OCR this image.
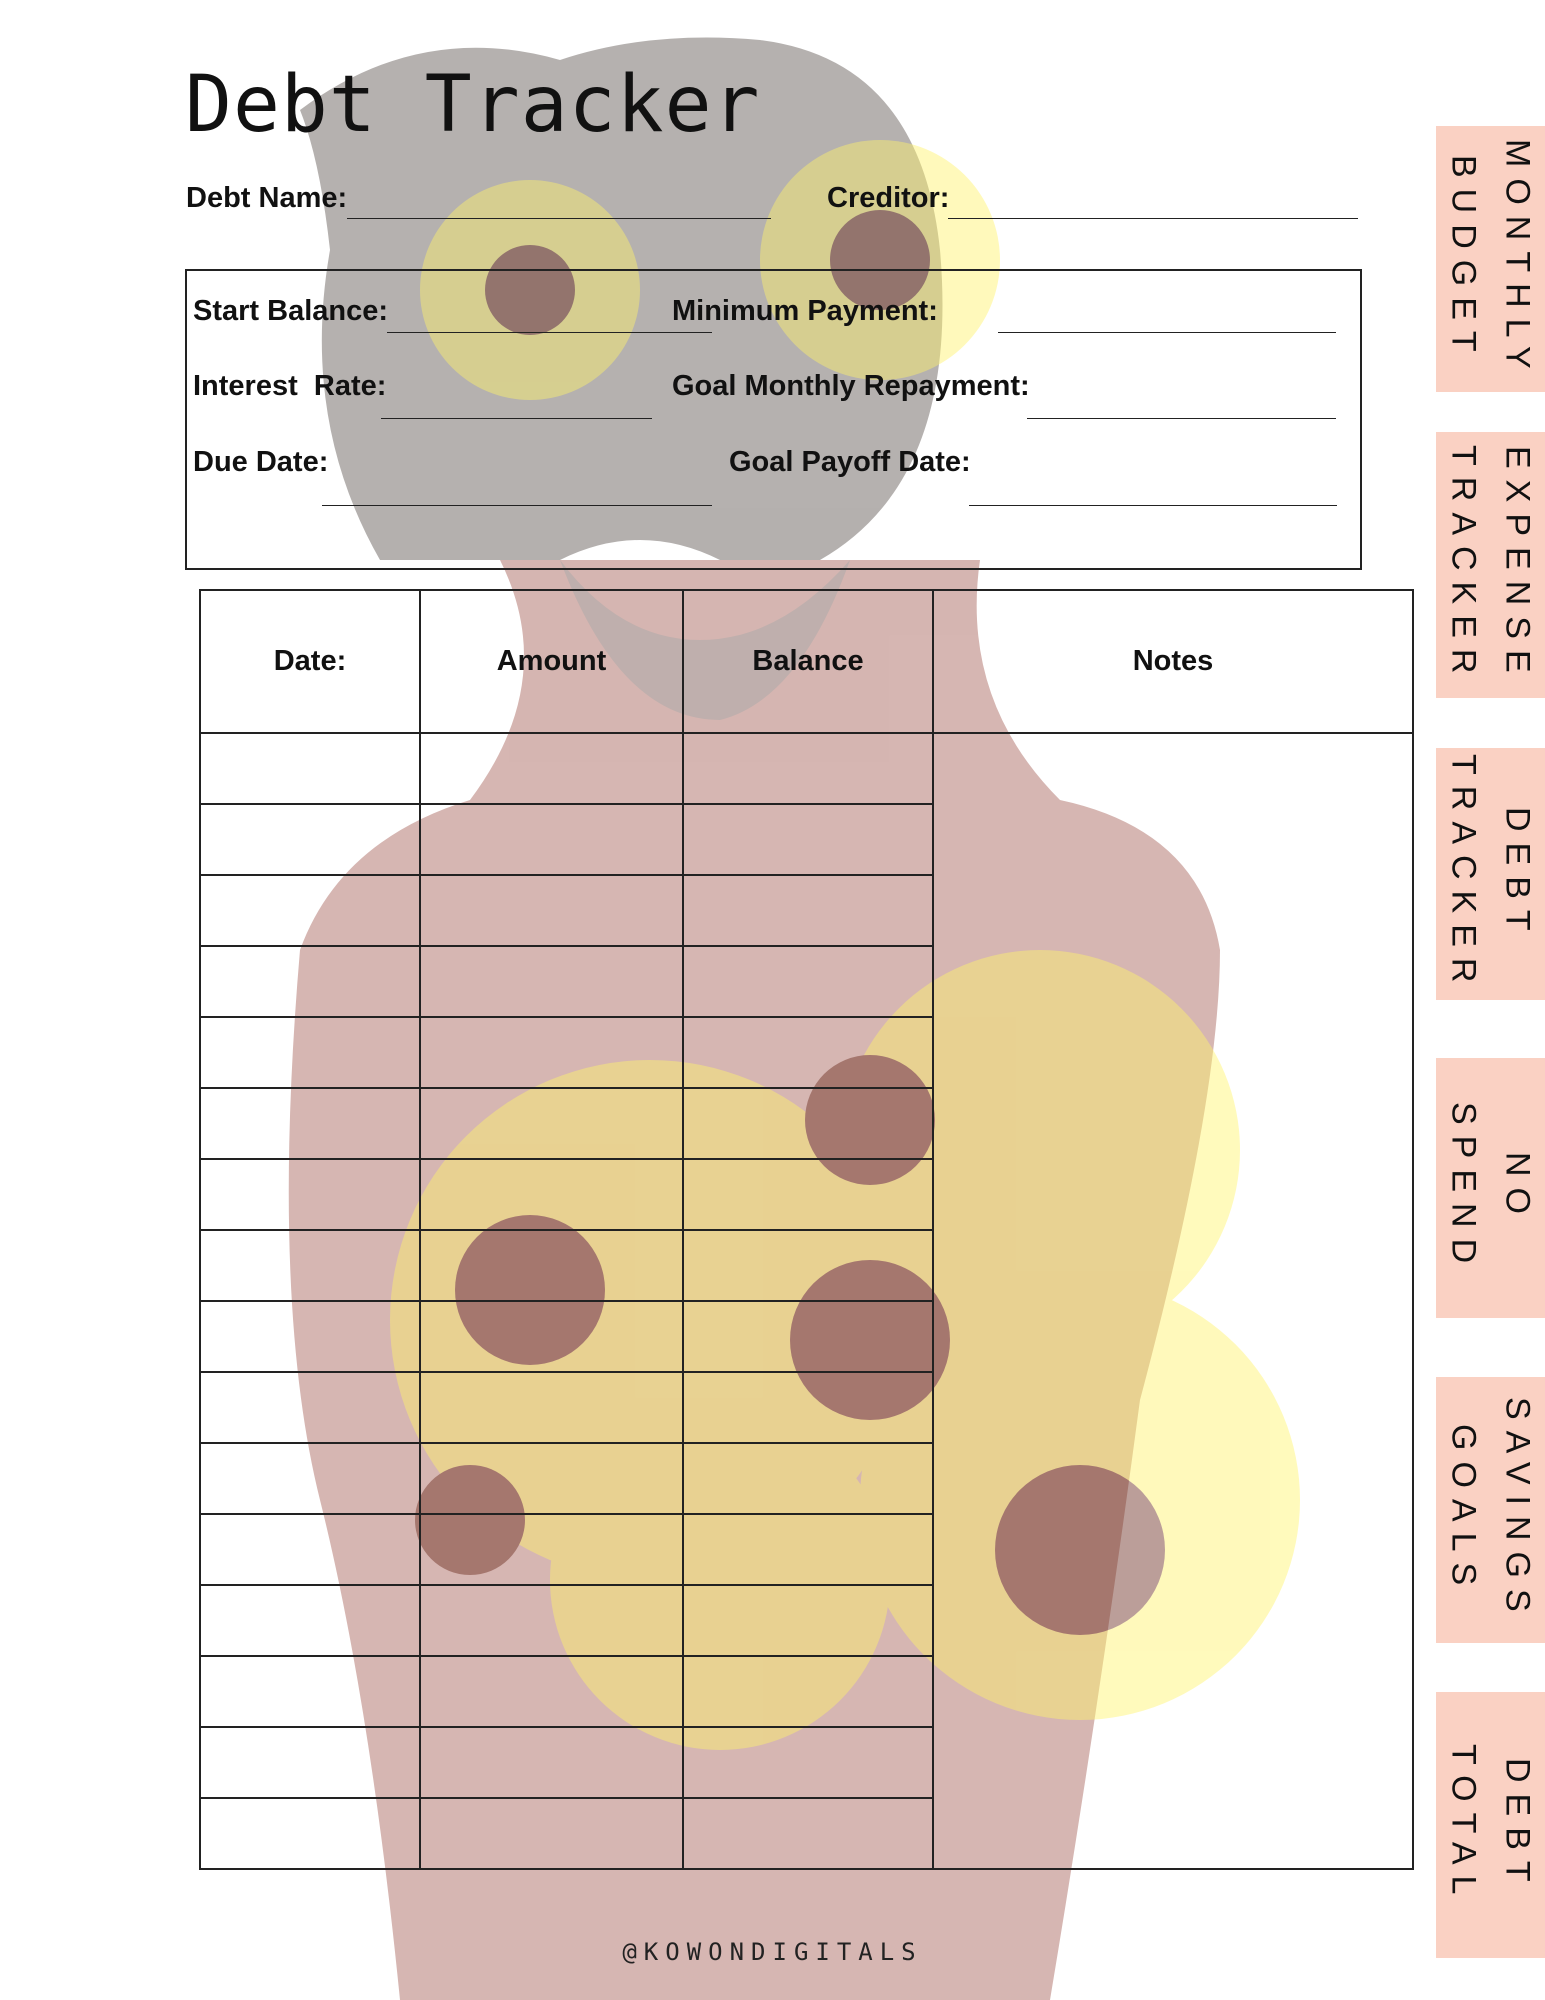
Debt Tracker
Debt Name:	Creditor:
Start Balance:	Minimum Payment:
Interest  Rate:	Goal Monthly Repayment:
Due Date:	Goal Payoff Date:
Date:	Amount	Balance	Notes

MONTHLY BUDGET
EXPENSE TRACKER
DEBT TRACKER
NO SPEND
SAVINGS GOALS
DEBT TOTAL
@KOWONDIGITALS
